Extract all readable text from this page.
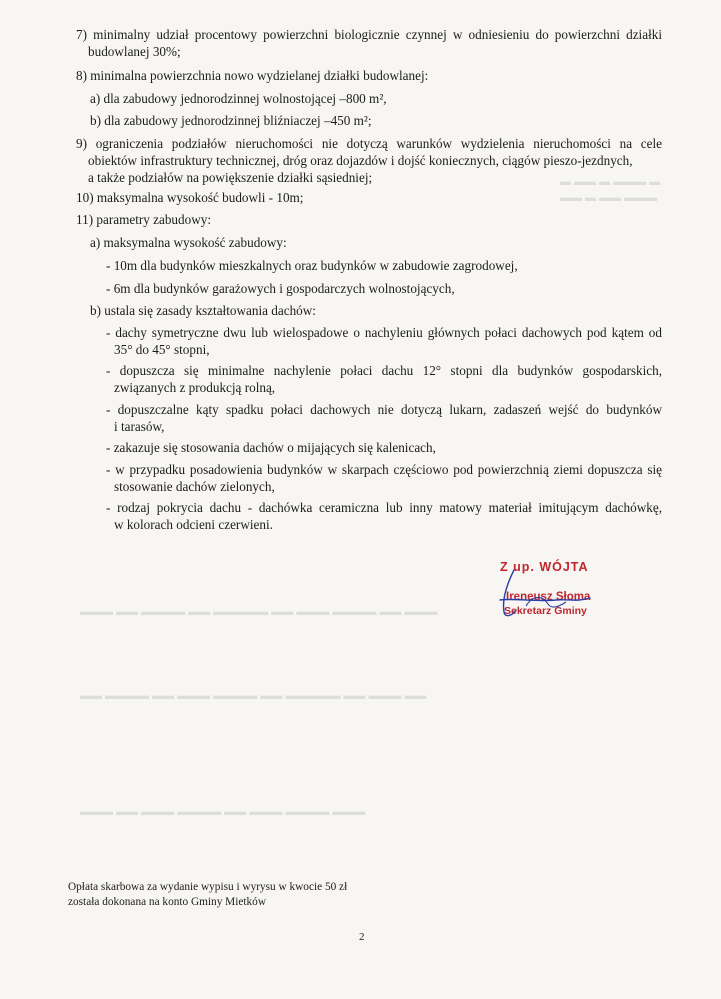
▬ ▬▬ ▬ ▬▬▬ ▬
▬▬ ▬ ▬▬ ▬▬▬
▬▬▬ ▬▬ ▬▬▬▬ ▬▬ ▬▬▬▬▬ ▬▬ ▬▬▬ ▬▬▬▬ ▬▬ ▬▬▬
▬▬ ▬▬▬▬ ▬▬ ▬▬▬ ▬▬▬▬ ▬▬ ▬▬▬▬▬ ▬▬ ▬▬▬ ▬▬
▬▬▬ ▬▬ ▬▬▬ ▬▬▬▬ ▬▬ ▬▬▬ ▬▬▬▬ ▬▬▬
7) minimalny udział procentowy powierzchni biologicznie czynnej w odniesieniu do powierzchni działki
budowlanej 30%;
8) minimalna powierzchnia nowo wydzielanej działki budowlanej:
a) dla zabudowy jednorodzinnej wolnostojącej –800 m²,
b) dla zabudowy jednorodzinnej bliźniaczej –450 m²;
9) ograniczenia podziałów nieruchomości nie dotyczą warunków wydzielenia nieruchomości na cele
obiektów infrastruktury technicznej, dróg oraz dojazdów i dojść koniecznych, ciągów pieszo-jezdnych,
a także podziałów na powiększenie działki sąsiedniej;
10) maksymalna wysokość budowli - 10m;
11) parametry zabudowy:
a) maksymalna wysokość zabudowy:
- 10m dla budynków mieszkalnych oraz budynków w zabudowie zagrodowej,
- 6m dla budynków garażowych i gospodarczych wolnostojących,
b) ustala się zasady kształtowania dachów:
- dachy symetryczne dwu lub wielospadowe o nachyleniu głównych połaci dachowych pod kątem od
35° do 45° stopni,
- dopuszcza się minimalne nachylenie połaci dachu 12° stopni dla budynków gospodarskich,
związanych z produkcją rolną,
- dopuszczalne kąty spadku połaci dachowych nie dotyczą lukarn, zadaszeń wejść do budynków
i tarasów,
- zakazuje się stosowania dachów o mijających się kalenicach,
- w przypadku posadowienia budynków w skarpach częściowo pod powierzchnią ziemi dopuszcza się
stosowanie dachów zielonych,
- rodzaj pokrycia dachu - dachówka ceramiczna lub inny matowy materiał imitującym dachówkę,
w kolorach odcieni czerwieni.
Z up. WÓJTA
Ireneusz Słoma
Sekretarz Gminy
Opłata skarbowa za wydanie wypisu i wyrysu w kwocie 50 zł
została dokonana na konto Gminy Mietków
2
